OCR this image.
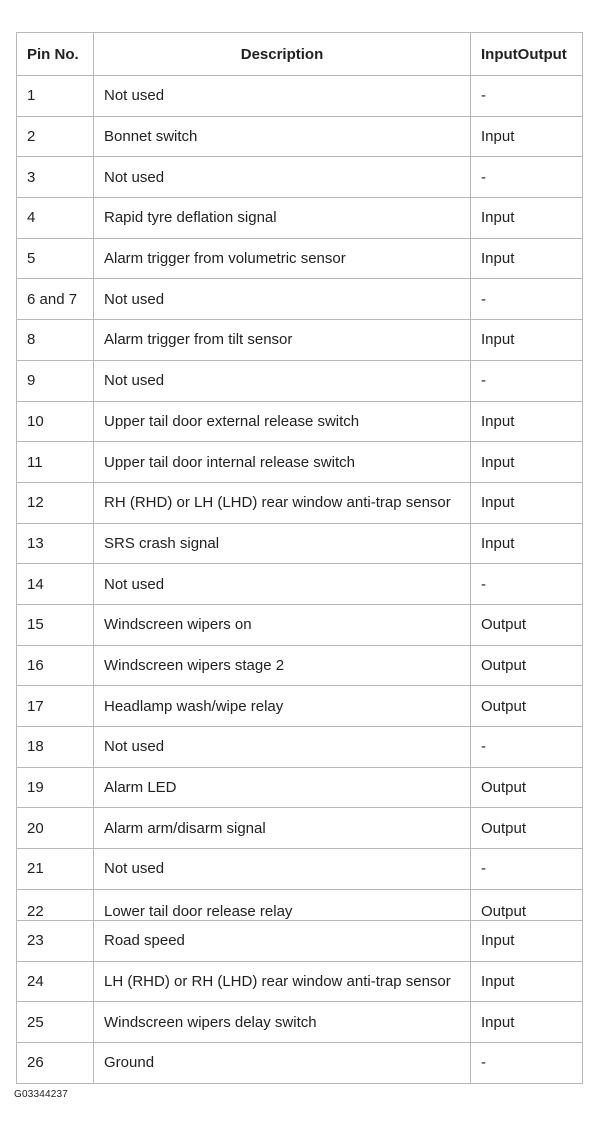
Pin No.	Description	InputOutput
1	Not used	-
2	Bonnet switch	Input
3	Not used	-
4	Rapid tyre deflation signal	Input
5	Alarm trigger from volumetric sensor	Input
6 and 7	Not used	-
8	Alarm trigger from tilt sensor	Input
9	Not used	-
10	Upper tail door external release switch	Input
11	Upper tail door internal release switch	Input
12	RH (RHD) or LH (LHD) rear window anti-trap sensor	Input
13	SRS crash signal	Input
14	Not used	-
15	Windscreen wipers on	Output
16	Windscreen wipers stage 2	Output
17	Headlamp wash/wipe relay	Output
18	Not used	-
19	Alarm LED	Output
20	Alarm arm/disarm signal	Output
21	Not used	-
22	Lower tail door release relay	Output
23	Road speed	Input
24	LH (RHD) or RH (LHD) rear window anti-trap sensor	Input
25	Windscreen wipers delay switch	Input
26	Ground	-
G03344237
